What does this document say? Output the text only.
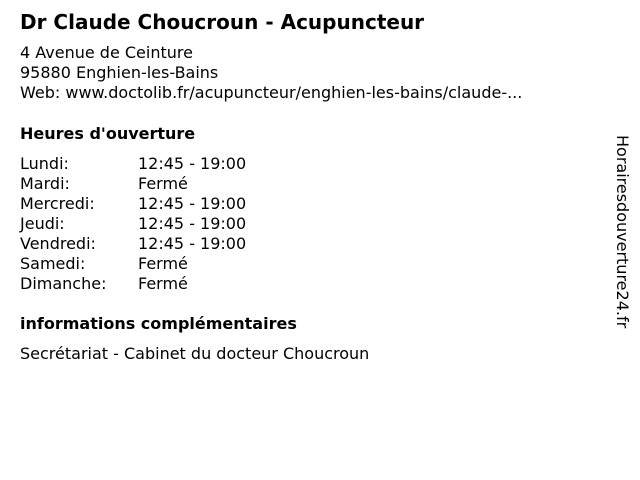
Dr Claude Choucroun - Acupuncteur
4 Avenue de Ceinture
95880 Enghien-les-Bains
Web: www.doctolib.fr/acupuncteur/enghien-les-bains/claude-...
Heures d'ouverture
Lundi:	12:45 - 19:00
Mardi:	Fermé
Mercredi:	12:45 - 19:00
Jeudi:	12:45 - 19:00
Vendredi:	12:45 - 19:00
Samedi:	Fermé
Dimanche: Fermé
informations complémentaires
Secrétariat - Cabinet du docteur Choucroun
Horairesdouverture24.fr
